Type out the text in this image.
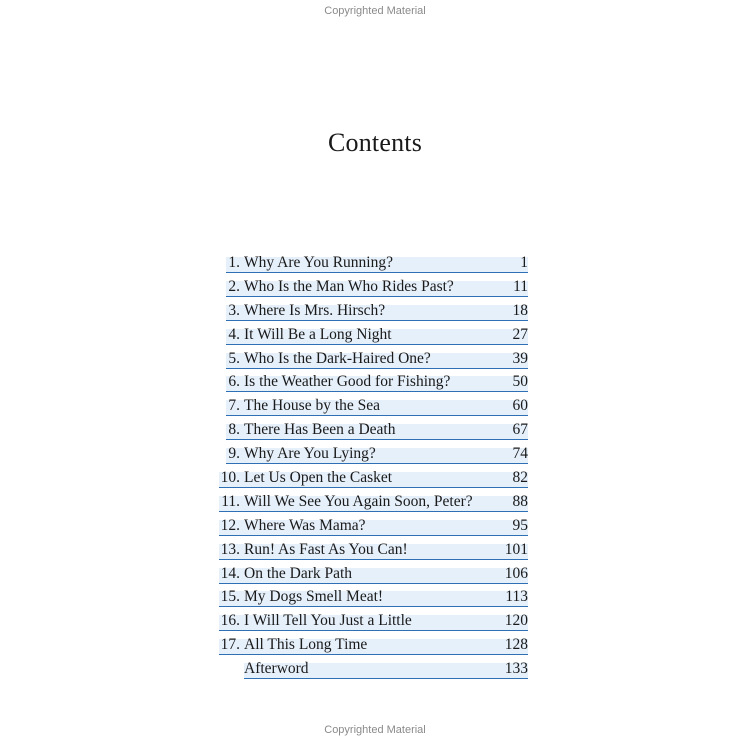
Copyrighted Material
Contents
1. Why Are You Running?	1
2. Who Is the Man Who Rides Past?	11
3. Where Is Mrs. Hirsch?	18
4. It Will Be a Long Night	27
5. Who Is the Dark-Haired One?	39
6. Is the Weather Good for Fishing?	50
7. The House by the Sea	60
8. There Has Been a Death	67
9. Why Are You Lying?	74
10. Let Us Open the Casket	82
11. Will We See You Again Soon, Peter?	88
12. Where Was Mama?	95
13. Run! As Fast As You Can!	101
14. On the Dark Path	106
15. My Dogs Smell Meat!	113
16. I Will Tell You Just a Little	120
17. All This Long Time	128
Afterword	133
Copyrighted Material
